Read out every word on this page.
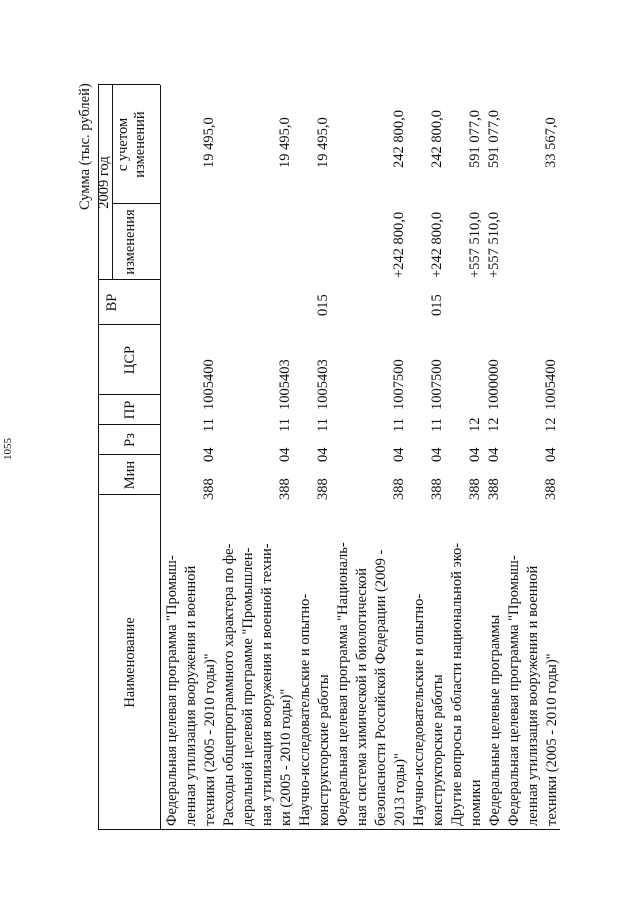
1055
Сумма (тыс. рублей)
Наименование
Мин
Рз
ПР
ЦСР
ВР
2009 год
изменения
с учетом изменений
Федеральная целевая программа "Промыш- ленная утилизация вооружения и военной техники (2005 - 2010 годы)"
388
04
11
1005400
19 495,0
Расходы общепрограммного характера по фе- деральной целевой программе "Промышлен- ная утилизация вооружения и военной техни- ки (2005 - 2010 годы)"
388
04
11
1005403
19 495,0
Научно-исследовательские и опытно- конструкторские работы
388
04
11
1005403
015
19 495,0
Федеральная целевая программа "Националь- ная система химической и биологической безопасности Российской Федерации (2009 - 2013 годы)"
388
04
11
1007500
+242 800,0
242 800,0
Научно-исследовательские и опытно- конструкторские работы
388
04
11
1007500
015
+242 800,0
242 800,0
Другие вопросы в области национальной эко- номики
388
04
12
+557 510,0
591 077,0
Федеральные целевые программы
388
04
12
1000000
+557 510,0
591 077,0
Федеральная целевая программа "Промыш- ленная утилизация вооружения и военной техники (2005 - 2010 годы)"
388
04
12
1005400
33 567,0
